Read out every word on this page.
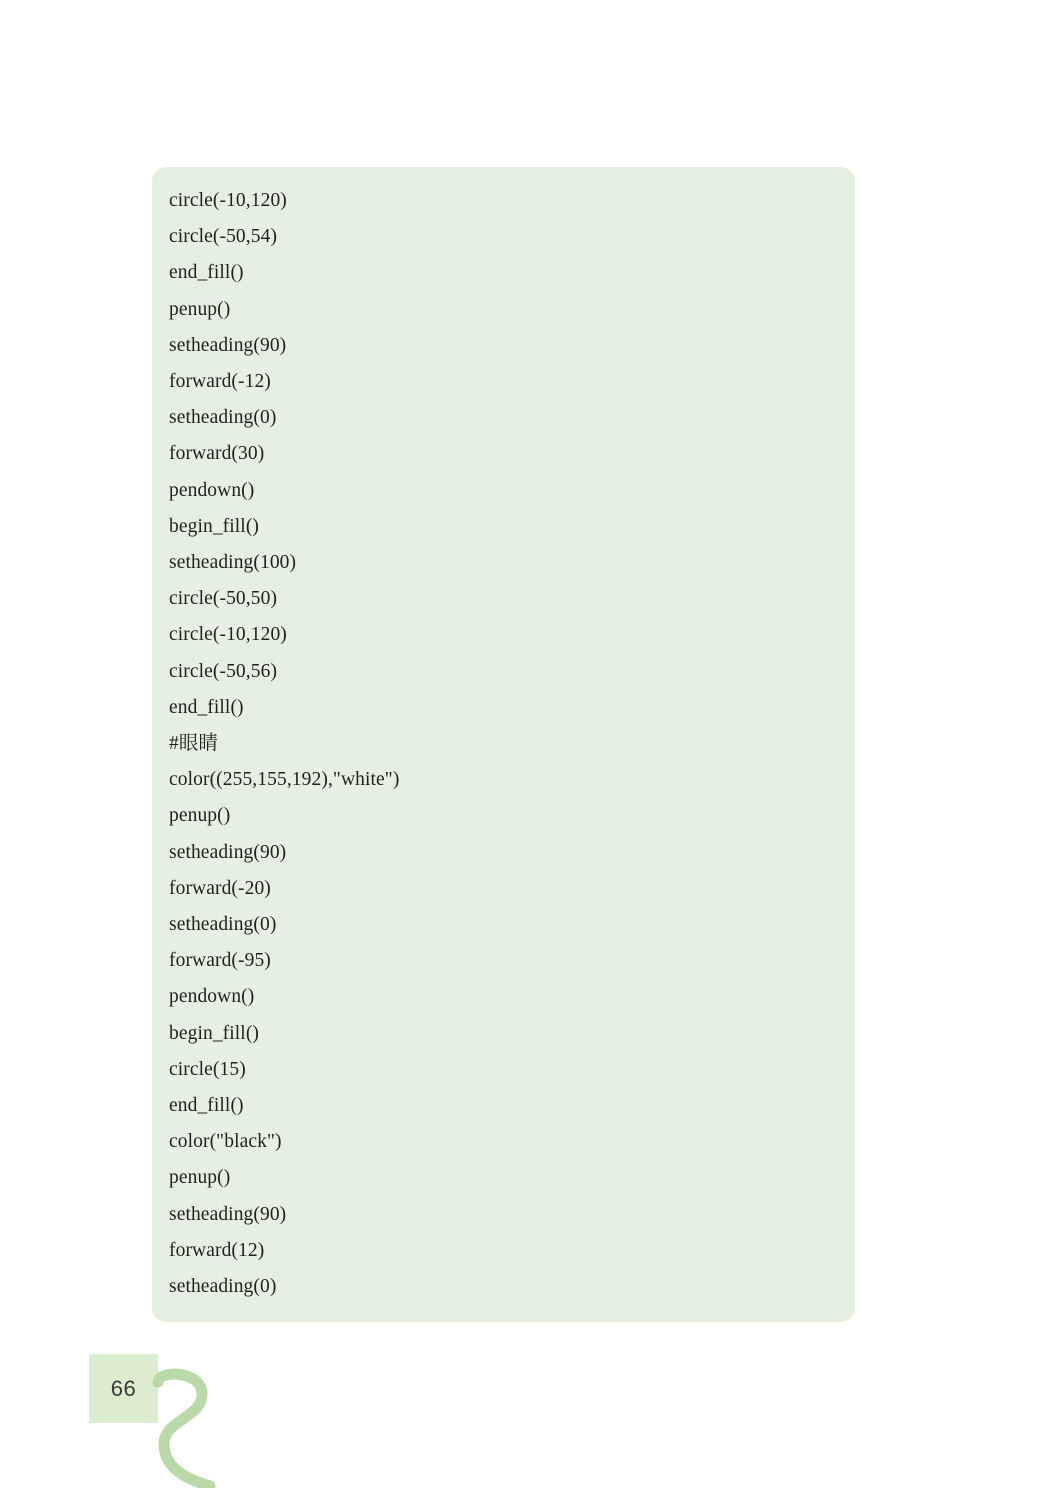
circle(-10,120)
circle(-50,54)
end_fill()
penup()
setheading(90)
forward(-12)
setheading(0)
forward(30)
pendown()
begin_fill()
setheading(100)
circle(-50,50)
circle(-10,120)
circle(-50,56)
end_fill()
#眼睛
color((255,155,192),"white")
penup()
setheading(90)
forward(-20)
setheading(0)
forward(-95)
pendown()
begin_fill()
circle(15)
end_fill()
color("black")
penup()
setheading(90)
forward(12)
setheading(0)
66
